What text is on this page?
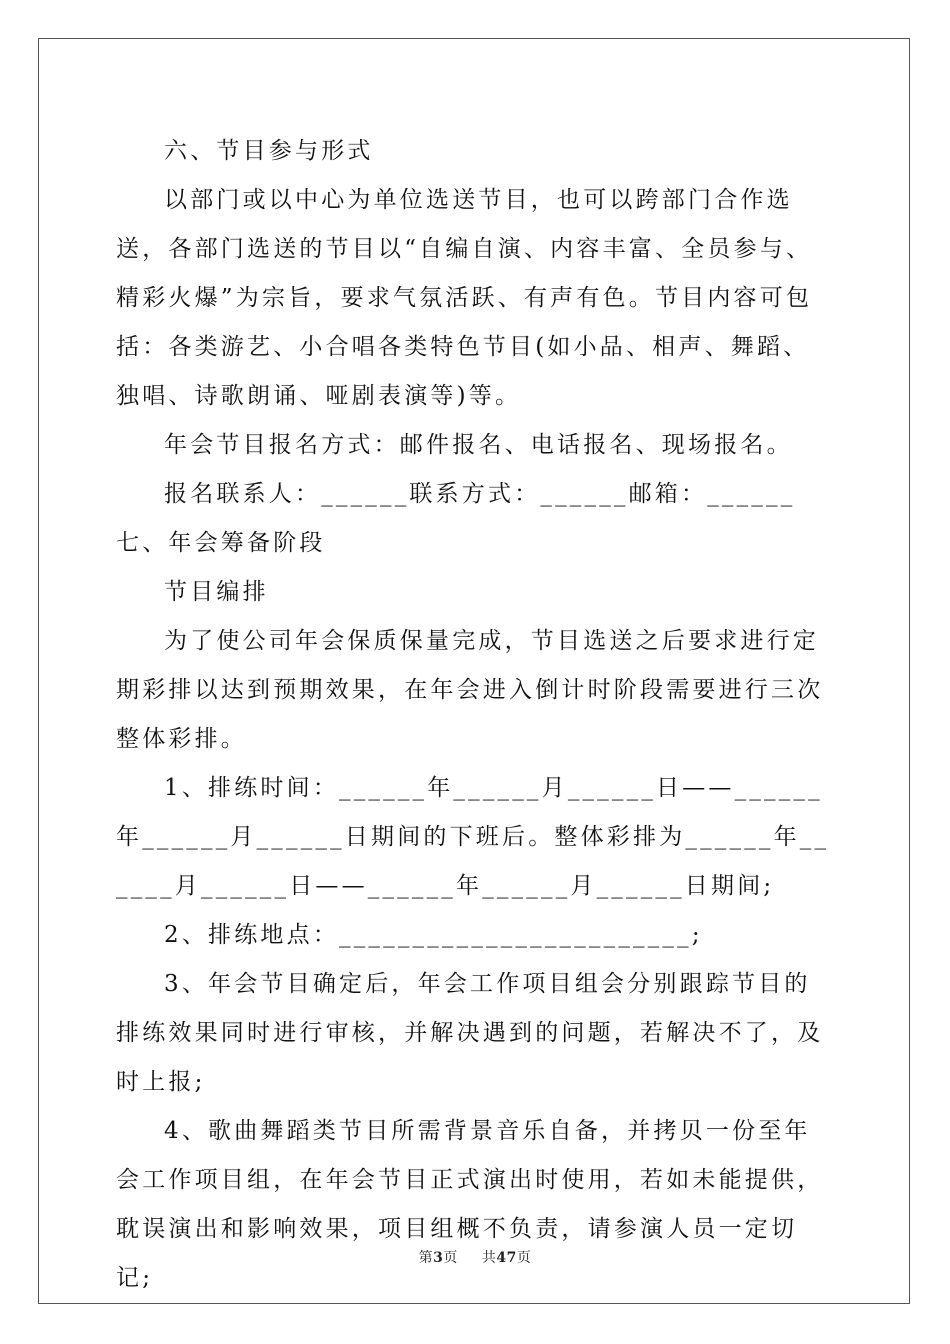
六、节目参与形式

以部门或以中心为单位选送节目，也可以跨部门合作选送，各部门选送的节目以“自编自演、内容丰富、全员参与、精彩火爆”为宗旨，要求气氛活跃、有声有色。节目内容可包括：各类游艺、小合唱各类特色节目(如小品、相声、舞蹈、独唱、诗歌朗诵、哑剧表演等)等。

年会节目报名方式：邮件报名、电话报名、现场报名。

报名联系人：______联系方式：______邮箱：______七、年会筹备阶段

节目编排

为了使公司年会保质保量完成，节目选送之后要求进行定期彩排以达到预期效果，在年会进入倒计时阶段需要进行三次整体彩排。

1、排练时间：______年______月______日——______年______月______日期间的下班后。整体彩排为______年______月______日——______年______月______日期间;

2、排练地点：________________________;

3、年会节目确定后，年会工作项目组会分别跟踪节目的排练效果同时进行审核，并解决遇到的问题，若解决不了，及时上报;

4、歌曲舞蹈类节目所需背景音乐自备，并拷贝一份至年会工作项目组，在年会节目正式演出时使用，若如未能提供，耽误演出和影响效果，项目组概不负责，请参演人员一定切记;

第3页 共47页
